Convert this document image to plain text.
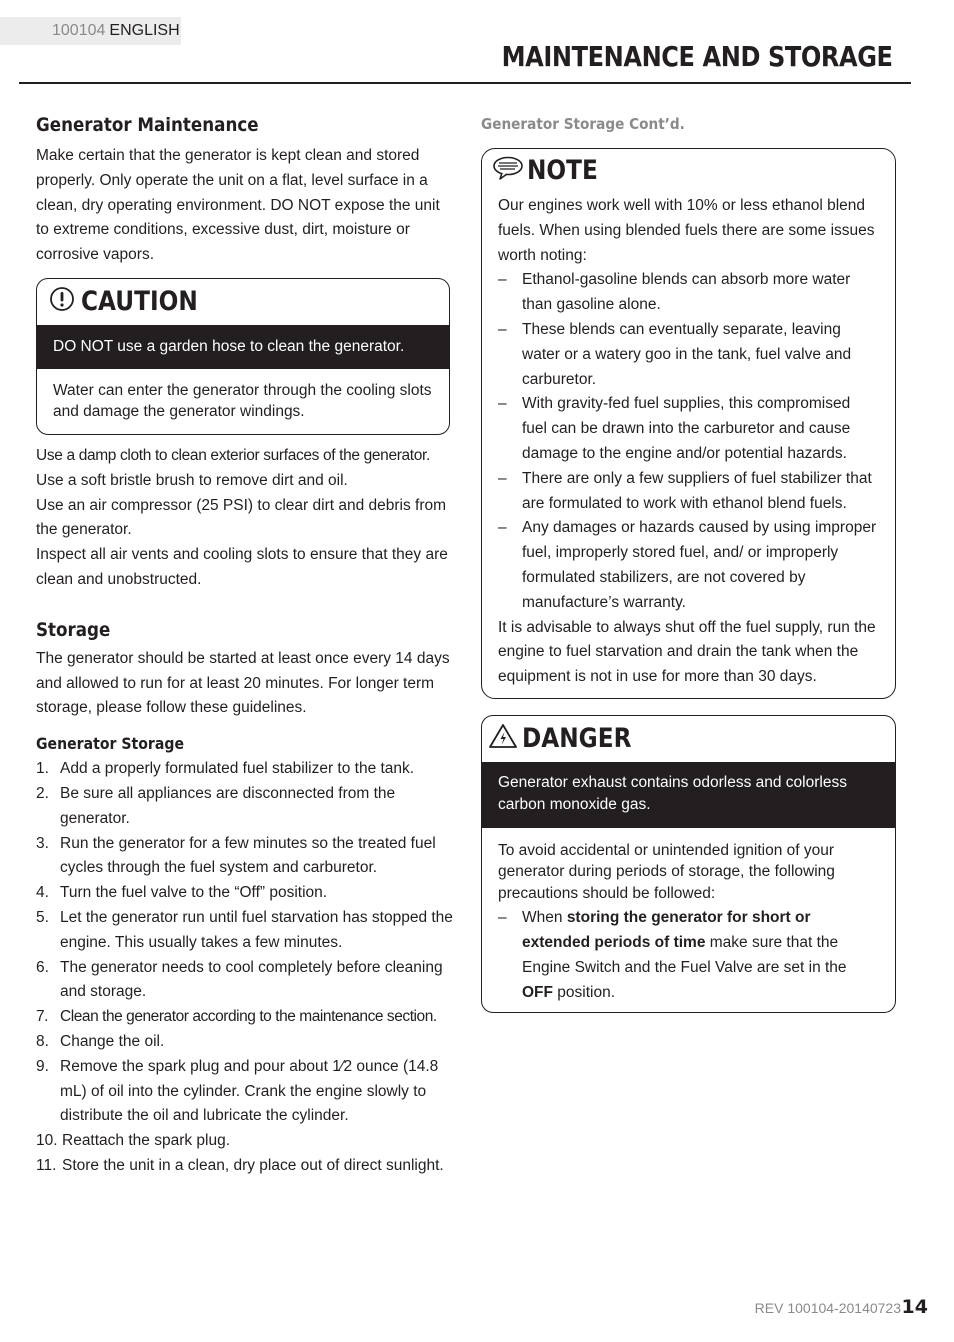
100104 ENGLISH
MAINTENANCE AND STORAGE
Generator Maintenance

Make certain that the generator is kept clean and stored properly. Only operate the unit on a flat, level surface in a clean, dry operating environment. DO NOT expose the unit to extreme conditions, excessive dust, dirt, moisture or corrosive vapors.

CAUTION
DO NOT use a garden hose to clean the generator.
Water can enter the generator through the cooling slots and damage the generator windings.

Use a damp cloth to clean exterior surfaces of the generator.

Use a soft bristle brush to remove dirt and oil.

Use an air compressor (25 PSI) to clear dirt and debris from the generator.

Inspect all air vents and cooling slots to ensure that they are clean and unobstructed.

Storage

The generator should be started at least once every 14 days and allowed to run for at least 20 minutes. For longer term storage, please follow these guidelines.

Generator Storage
1. Add a properly formulated fuel stabilizer to the tank.
2. Be sure all appliances are disconnected from the generator.
3. Run the generator for a few minutes so the treated fuel cycles through the fuel system and carburetor.
4. Turn the fuel valve to the “Off” position.
5. Let the generator run until fuel starvation has stopped the engine. This usually takes a few minutes.
6. The generator needs to cool completely before cleaning and storage.
7. Clean the generator according to the maintenance section.
8. Change the oil.
9. Remove the spark plug and pour about 1⁄2 ounce (14.8 mL) of oil into the cylinder. Crank the engine slowly to distribute the oil and lubricate the cylinder.
10. Reattach the spark plug.
11. Store the unit in a clean, dry place out of direct sunlight.
Generator Storage Cont’d.
NOTE

Our engines work well with 10% or less ethanol blend fuels. When using blended fuels there are some issues worth noting:

– Ethanol-gasoline blends can absorb more water than gasoline alone.
– These blends can eventually separate, leaving water or a watery goo in the tank, fuel valve and carburetor.
– With gravity-fed fuel supplies, this compromised fuel can be drawn into the carburetor and cause damage to the engine and/or potential hazards.
– There are only a few suppliers of fuel stabilizer that are formulated to work with ethanol blend fuels.
– Any damages or hazards caused by using improper fuel, improperly stored fuel, and/ or improperly formulated stabilizers, are not covered by manufacture’s warranty.

It is advisable to always shut off the fuel supply, run the engine to fuel starvation and drain the tank when the equipment is not in use for more than 30 days.

DANGER
Generator exhaust contains odorless and colorless carbon monoxide gas.

To avoid accidental or unintended ignition of your generator during periods of storage, the following precautions should be followed:

– When storing the generator for short or extended periods of time make sure that the Engine Switch and the Fuel Valve are set in the OFF position.
REV 100104-20140723 14
